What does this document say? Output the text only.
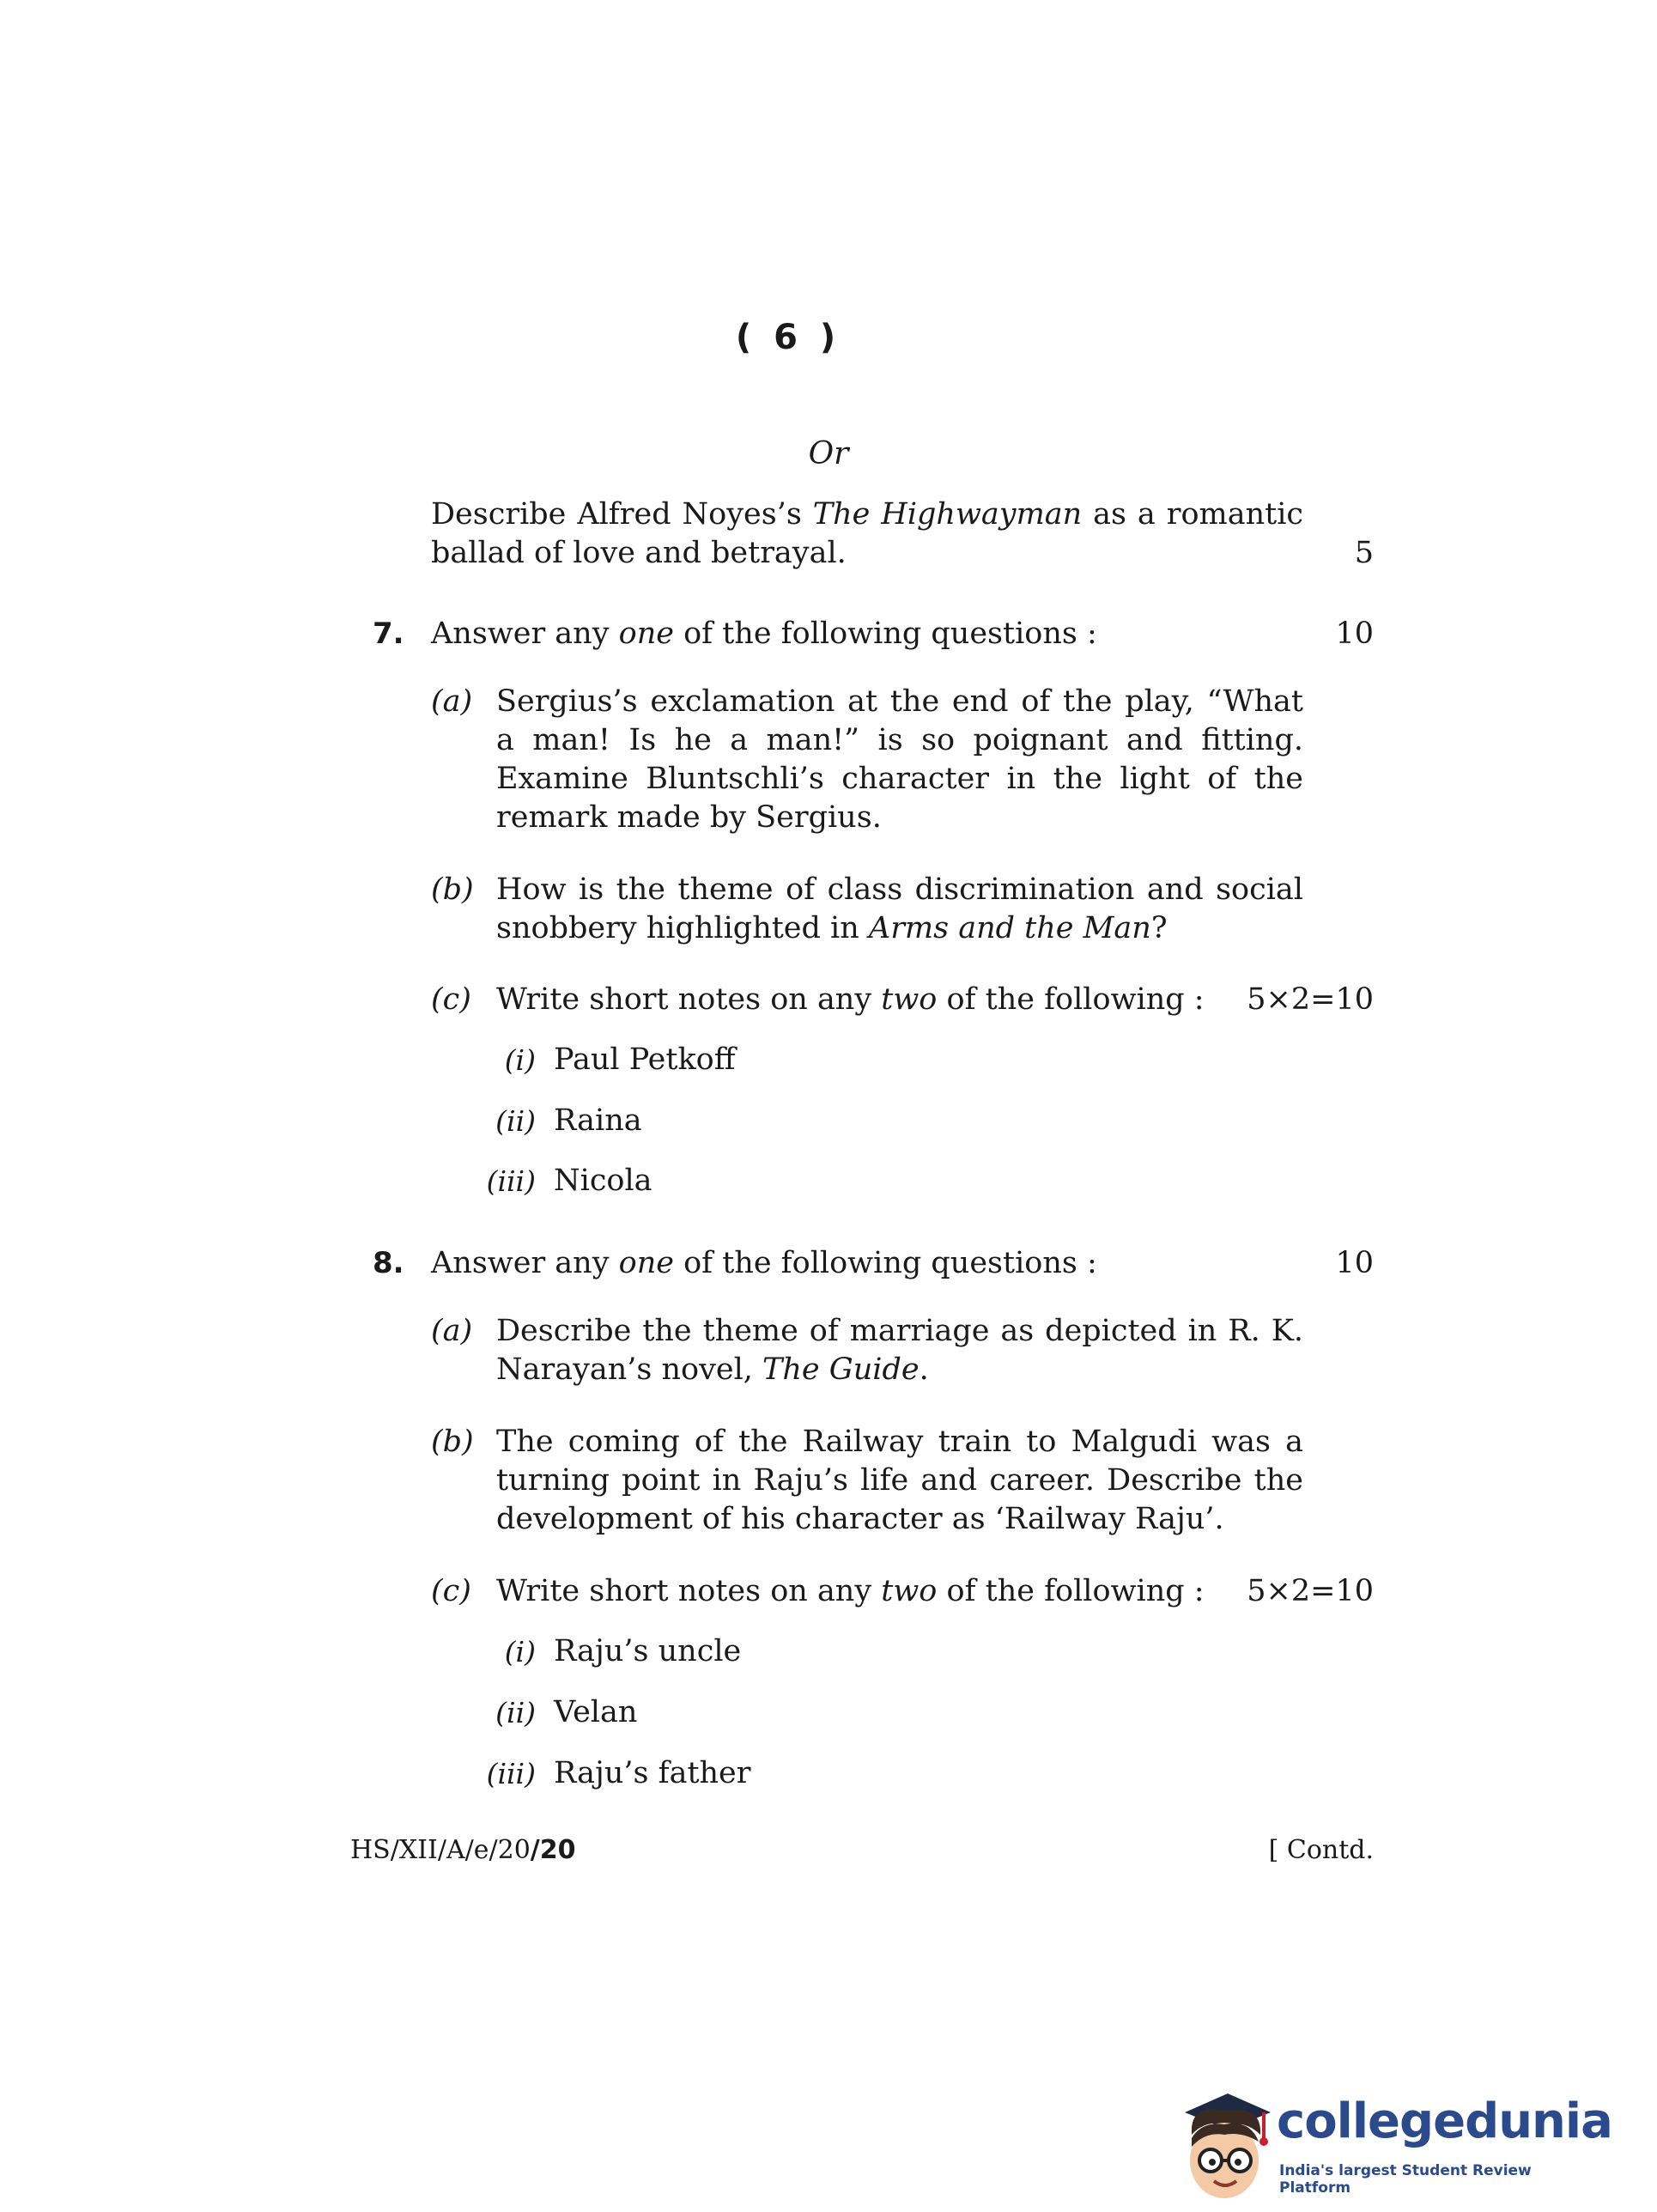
( 6 )
Or
Describe Alfred Noyes’s The Highwayman as a romantic
ballad of love and betrayal.	5
7. Answer any one of the following questions :	10
(a) Sergius’s exclamation at the end of the play, “What
a man! Is he a man!” is so poignant and fitting.
Examine Bluntschli’s character in the light of the
remark made by Sergius.
(b) How is the theme of class discrimination and social
snobbery highlighted in Arms and the Man?
(c) Write short notes on any two of the following : 5×2=10
(i) Paul Petkoff
(ii) Raina
(iii) Nicola
8. Answer any one of the following questions :	10
(a) Describe the theme of marriage as depicted in R. K.
Narayan’s novel, The Guide.
(b) The coming of the Railway train to Malgudi was a
turning point in Raju’s life and career. Describe the
development of his character as ‘Railway Raju’.
(c) Write short notes on any two of the following : 5×2=10
(i) Raju’s uncle
(ii) Velan
(iii) Raju’s father
HS/XII/A/e/20/20	[ Contd.
collegedunia
India's largest Student Review Platform
